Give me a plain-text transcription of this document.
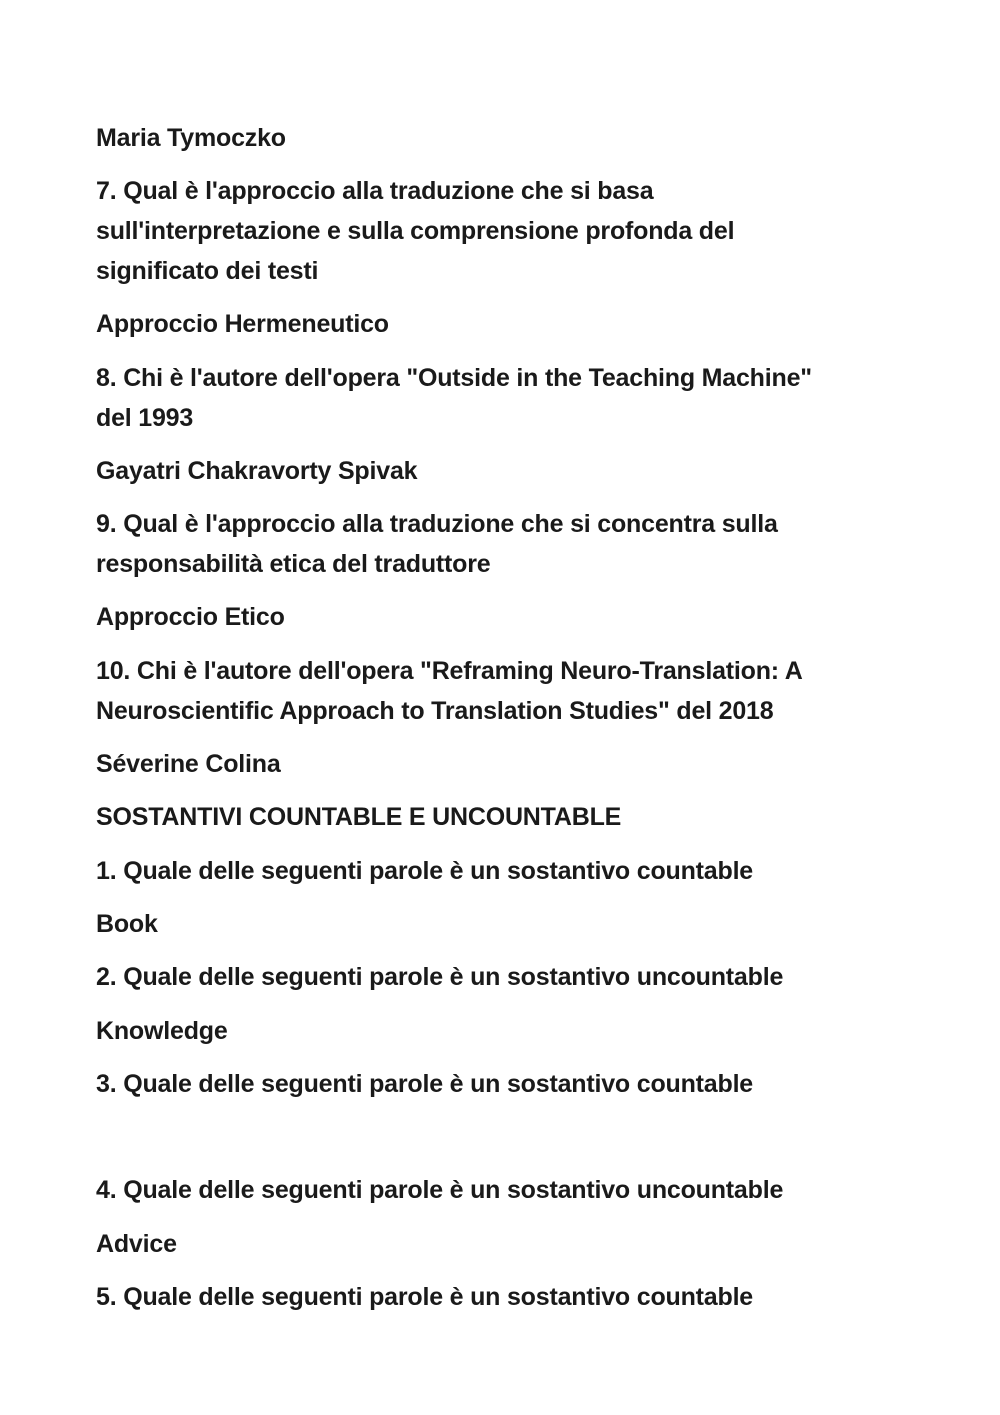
Maria Tymoczko
7. Qual è l'approccio alla traduzione che si basa
sull'interpretazione e sulla comprensione profonda del
significato dei testi
Approccio Hermeneutico
8. Chi è l'autore dell'opera "Outside in the Teaching Machine"
del 1993
Gayatri Chakravorty Spivak
9. Qual è l'approccio alla traduzione che si concentra sulla
responsabilità etica del traduttore
Approccio Etico
10. Chi è l'autore dell'opera "Reframing Neuro-Translation: A
Neuroscientific Approach to Translation Studies" del 2018
Séverine Colina
SOSTANTIVI COUNTABLE E UNCOUNTABLE
1. Quale delle seguenti parole è un sostantivo countable
Book
2. Quale delle seguenti parole è un sostantivo uncountable
Knowledge
3. Quale delle seguenti parole è un sostantivo countable
4. Quale delle seguenti parole è un sostantivo uncountable
Advice
5. Quale delle seguenti parole è un sostantivo countable
